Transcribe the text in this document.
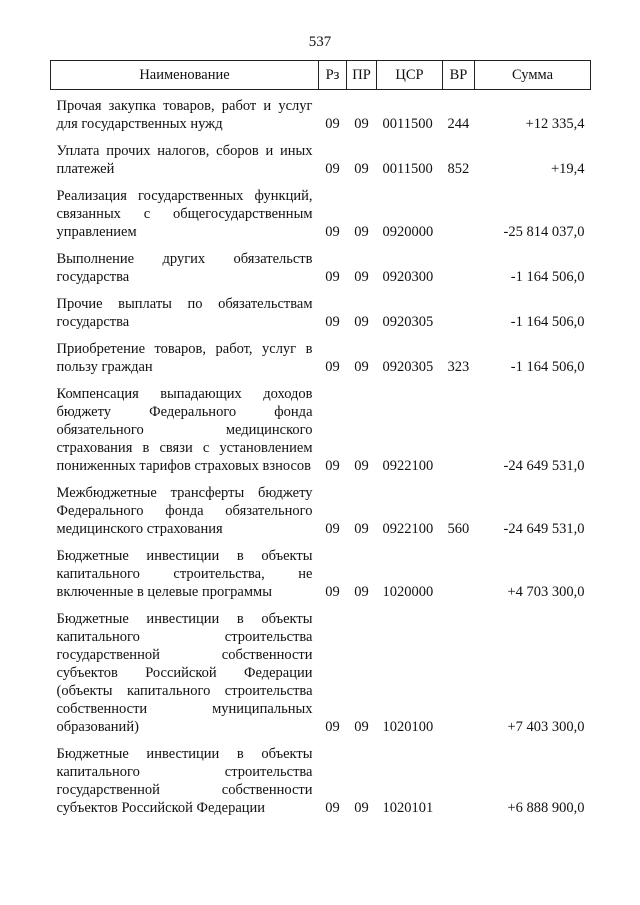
537
Наименование	Рз	ПР	ЦСР	ВР	Сумма
Прочая закупка товаров, работ и услуг для государственных нужд	09	09	0011500	244	+12 335,4
Уплата прочих налогов, сборов и иных платежей	09	09	0011500	852	+19,4
Реализация государственных функций, связанных с общегосударственным управлением	09	09	0920000		-25 814 037,0
Выполнение других обязательств государства	09	09	0920300		-1 164 506,0
Прочие выплаты по обязательствам государства	09	09	0920305		-1 164 506,0
Приобретение товаров, работ, услуг в пользу граждан	09	09	0920305	323	-1 164 506,0
Компенсация выпадающих доходов бюджету Федерального фонда обязательного медицинского страхования в связи с установлением пониженных тарифов страховых взносов	09	09	0922100		-24 649 531,0
Межбюджетные трансферты бюджету Федерального фонда обязательного медицинского страхования	09	09	0922100	560	-24 649 531,0
Бюджетные инвестиции в объекты капитального строительства, не включенные в целевые программы	09	09	1020000		+4 703 300,0
Бюджетные инвестиции в объекты капитального строительства государственной собственности субъектов Российской Федерации (объекты капитального строительства собственности муниципальных образований)	09	09	1020100		+7 403 300,0
Бюджетные инвестиции в объекты капитального строительства государственной собственности субъектов Российской Федерации	09	09	1020101		+6 888 900,0
